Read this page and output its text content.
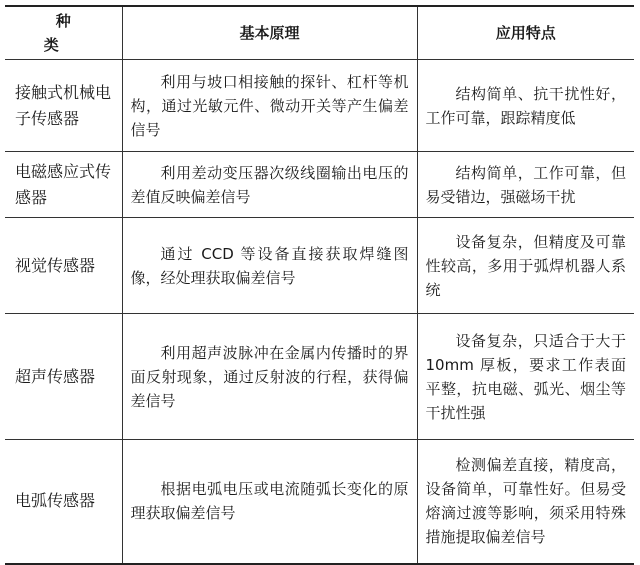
种　类	基本原理	应用特点
接触式机械电子传感器	利用与坡口相接触的探针、杠杆等机构，通过光敏元件、微动开关等产生偏差信号	结构简单、抗干扰性好，工作可靠，跟踪精度低
电磁感应式传感器	利用差动变压器次级线圈输出电压的差值反映偏差信号	结构简单，工作可靠，但易受错边，强磁场干扰
视觉传感器	通过 CCD 等设备直接获取焊缝图像，经处理获取偏差信号	设备复杂，但精度及可靠性较高，多用于弧焊机器人系统
超声传感器	利用超声波脉冲在金属内传播时的界面反射现象，通过反射波的行程，获得偏差信号	设备复杂，只适合于大于10mm 厚板，要求工作表面平整，抗电磁、弧光、烟尘等干扰性强
电弧传感器	根据电弧电压或电流随弧长变化的原理获取偏差信号	检测偏差直接，精度高，设备简单，可靠性好。但易受熔滴过渡等影响，须采用特殊措施提取偏差信号
